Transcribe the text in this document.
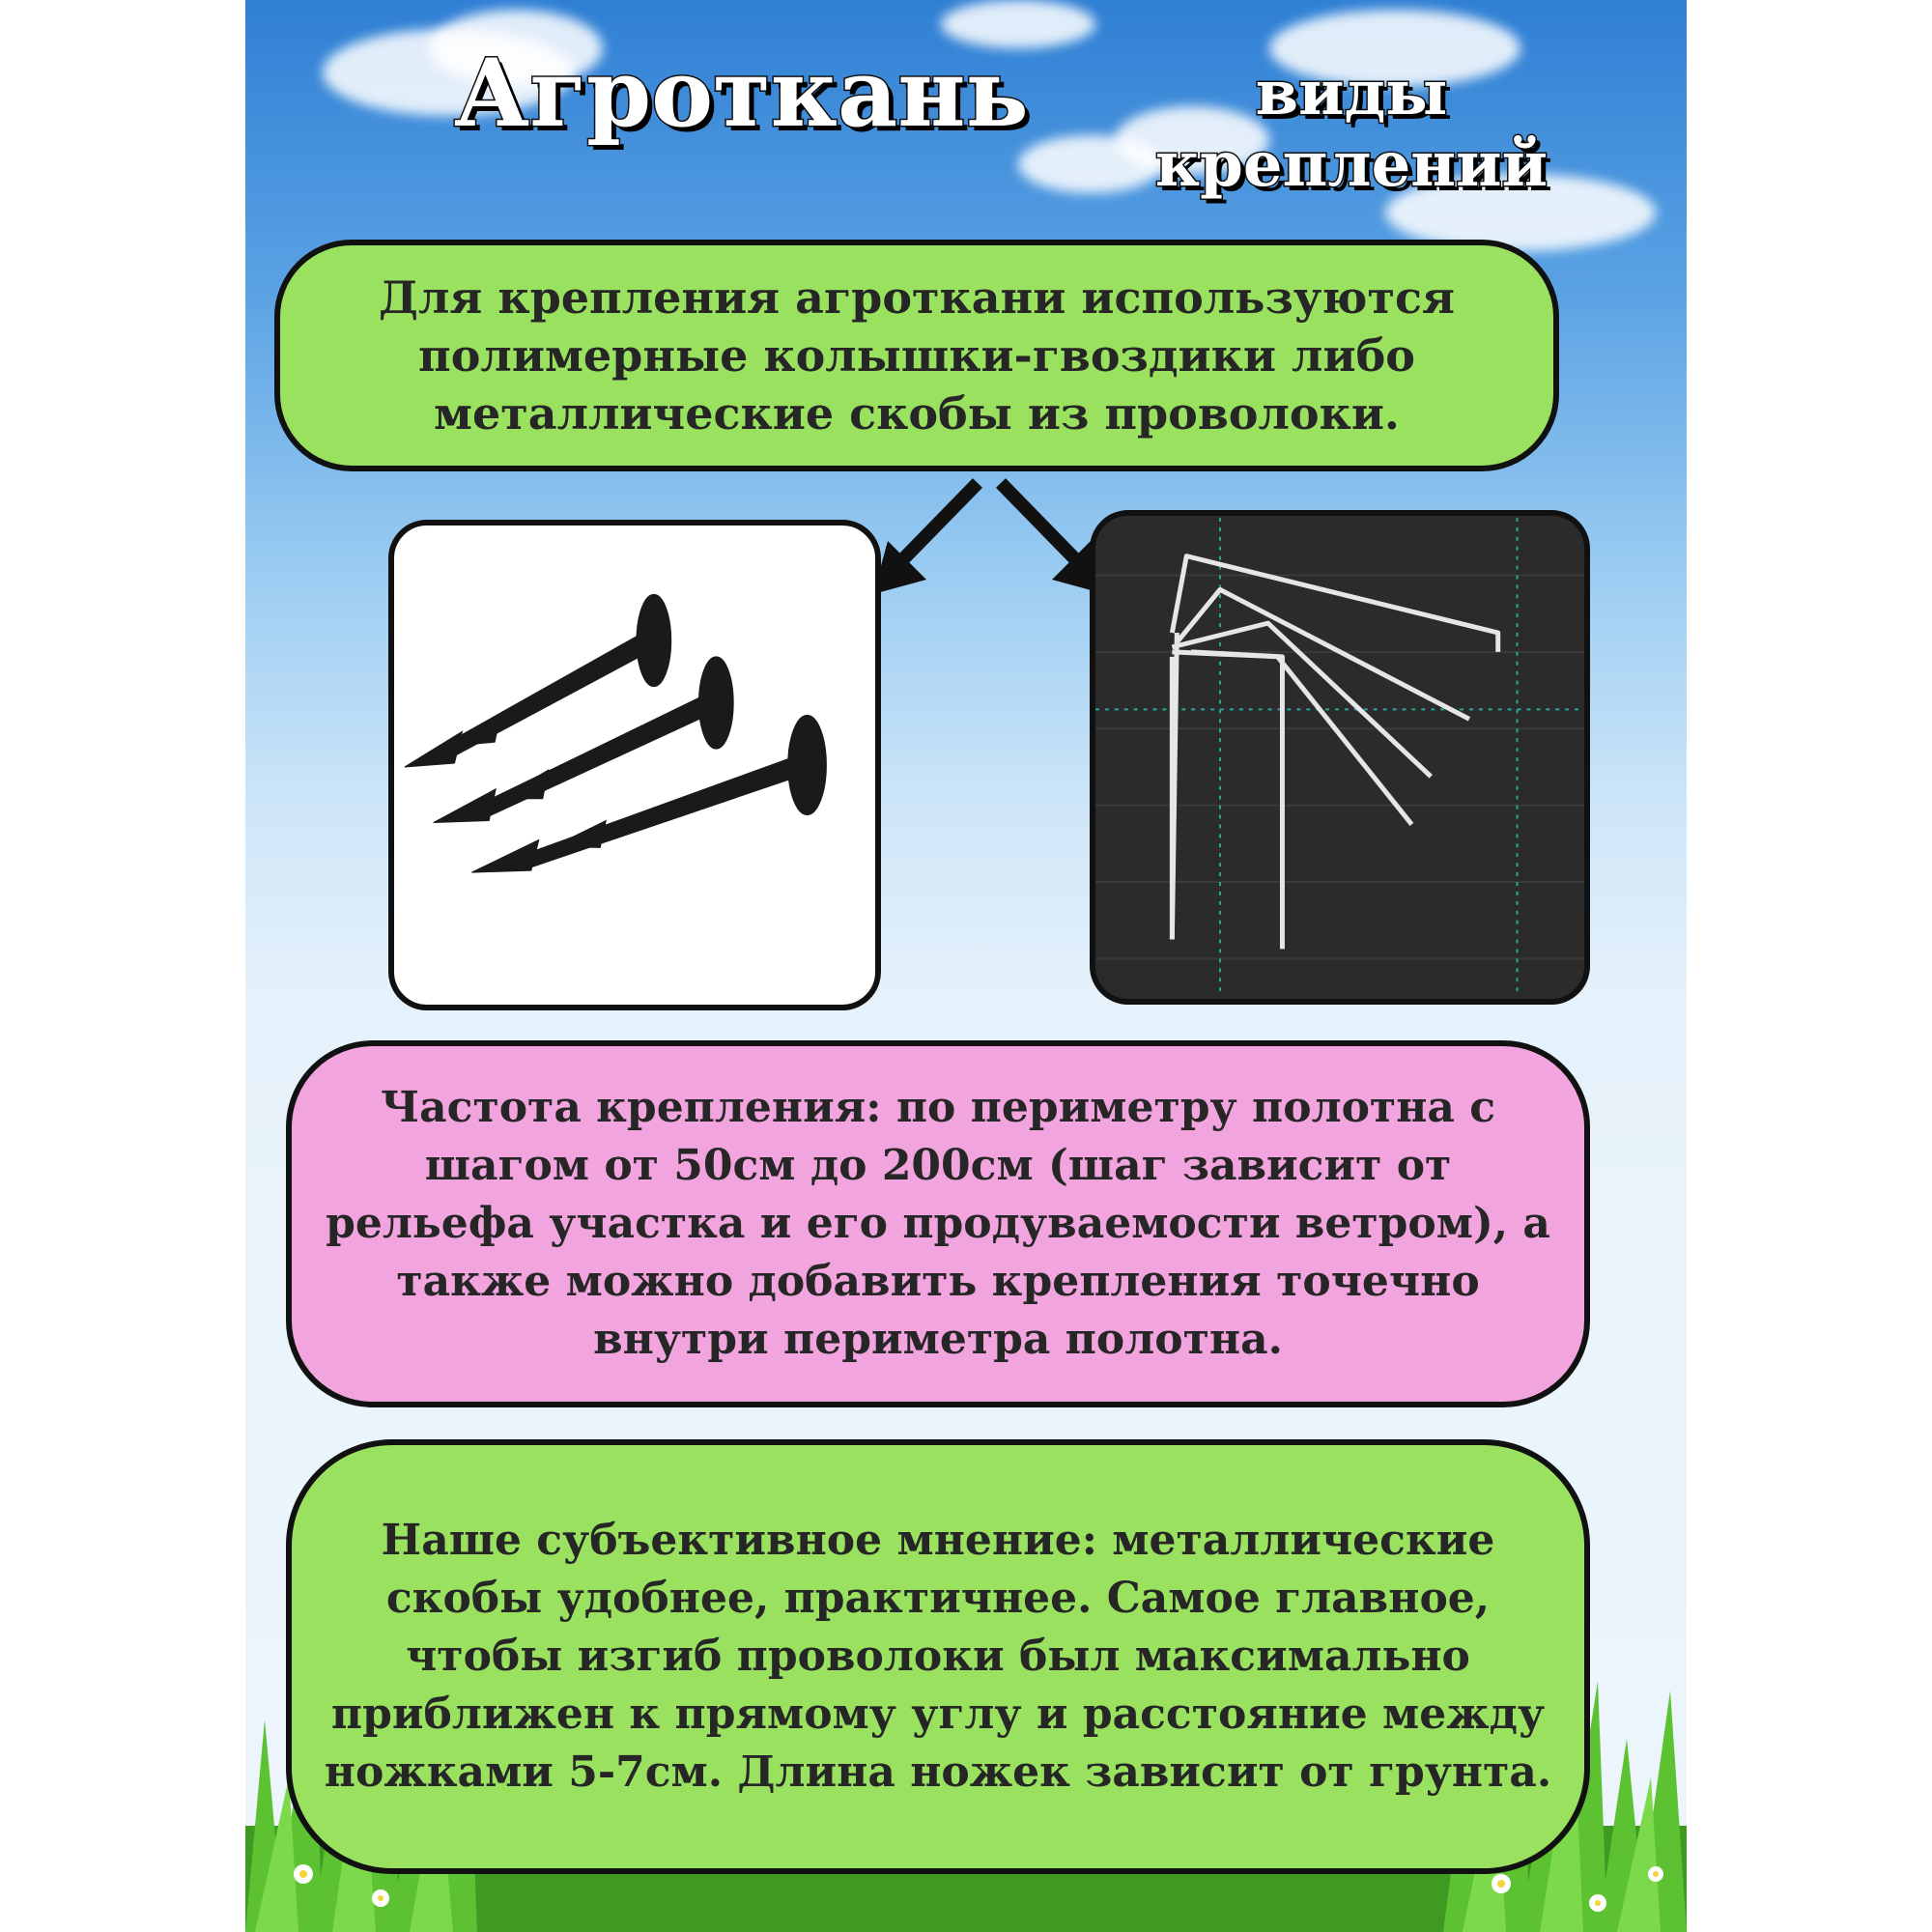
Агроткань	виды
креплений
Для крепления агроткани используются полимерные колышки-гвоздики либо металлические скобы из проволоки.
Частота крепления: по периметру полотна с шагом от 50см до 200см (шаг зависит от рельефа участка и его продуваемости ветром), а также можно добавить крепления точечно внутри периметра полотна.
Наше субъективное мнение: металлические скобы удобнее, практичнее. Самое главное, чтобы изгиб проволоки был максимально приближен к прямому углу и расстояние между ножками 5-7см. Длина ножек зависит от грунта.
